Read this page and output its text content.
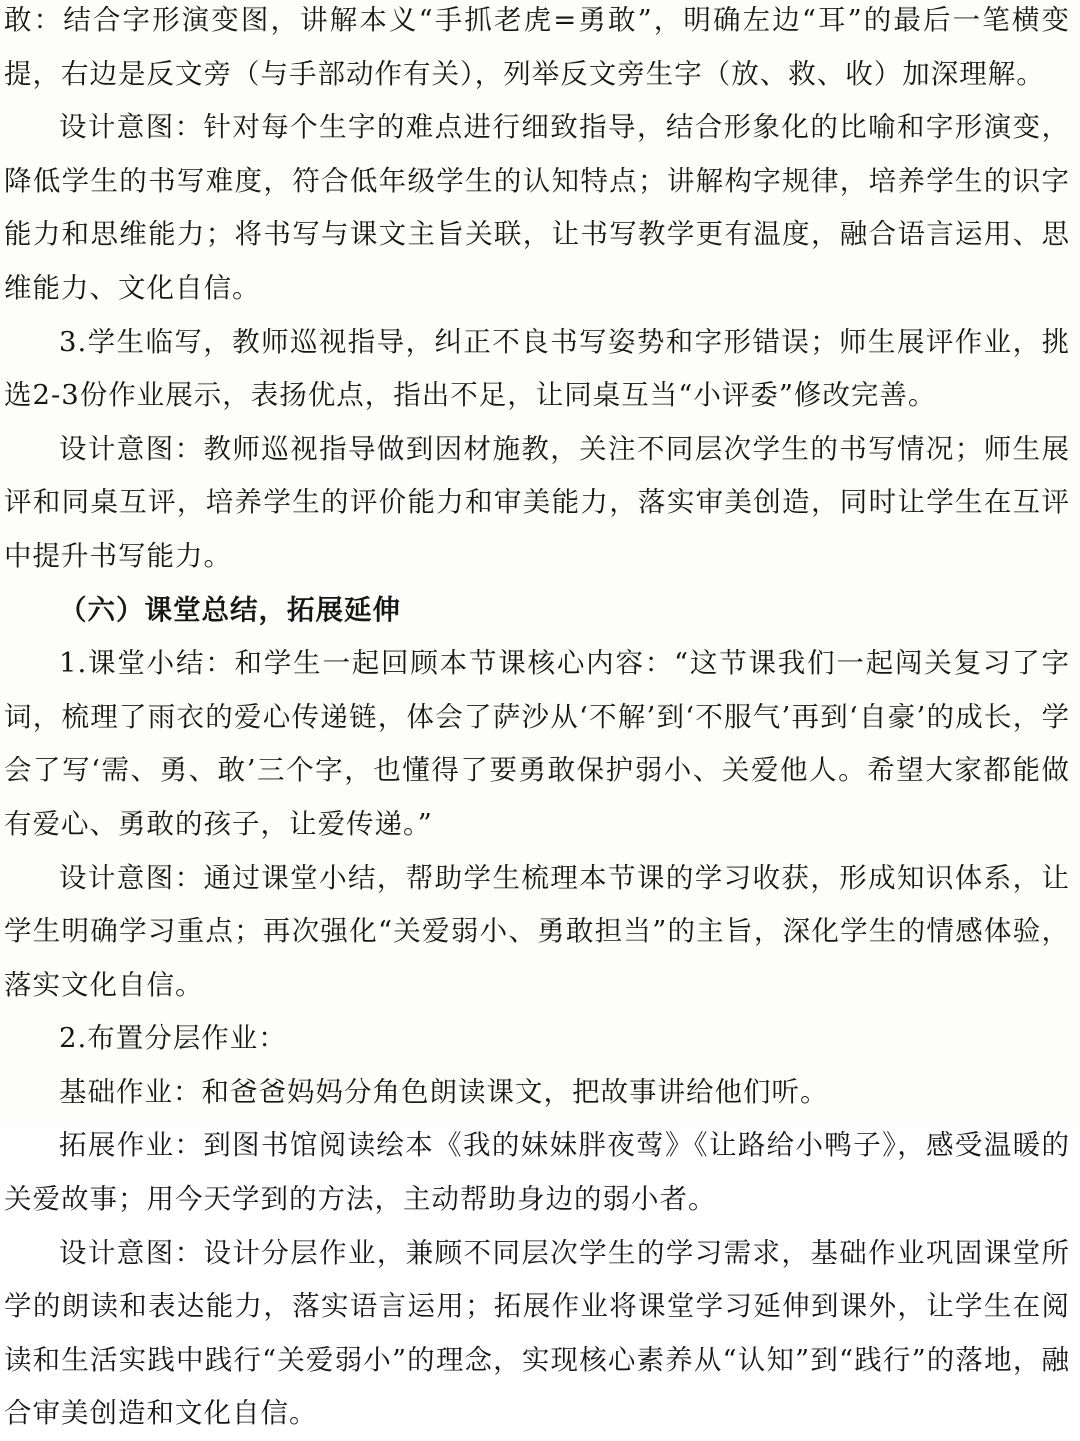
敢：结合字形演变图，讲解本义“手抓老虎=勇敢”，明确左边“耳”的最后一笔横变提，右边是反文旁（与手部动作有关），列举反文旁生字（放、救、收）加深理解。

设计意图：针对每个生字的难点进行细致指导，结合形象化的比喻和字形演变，降低学生的书写难度，符合低年级学生的认知特点；讲解构字规律，培养学生的识字能力和思维能力；将书写与课文主旨关联，让书写教学更有温度，融合语言运用、思维能力、文化自信。

3.学生临写，教师巡视指导，纠正不良书写姿势和字形错误；师生展评作业，挑选2-3份作业展示，表扬优点，指出不足，让同桌互当“小评委”修改完善。

设计意图：教师巡视指导做到因材施教，关注不同层次学生的书写情况；师生展评和同桌互评，培养学生的评价能力和审美能力，落实审美创造，同时让学生在互评中提升书写能力。

（六）课堂总结，拓展延伸

1.课堂小结：和学生一起回顾本节课核心内容：“这节课我们一起闯关复习了字词，梳理了雨衣的爱心传递链，体会了萨沙从‘不解’到‘不服气’再到‘自豪’的成长，学会了写‘需、勇、敢’三个字，也懂得了要勇敢保护弱小、关爱他人。希望大家都能做有爱心、勇敢的孩子，让爱传递。”

设计意图：通过课堂小结，帮助学生梳理本节课的学习收获，形成知识体系，让学生明确学习重点；再次强化“关爱弱小、勇敢担当”的主旨，深化学生的情感体验，落实文化自信。

2.布置分层作业：

基础作业：和爸爸妈妈分角色朗读课文，把故事讲给他们听。

拓展作业：到图书馆阅读绘本《我的妹妹胖夜莺》《让路给小鸭子》，感受温暖的关爱故事；用今天学到的方法，主动帮助身边的弱小者。

设计意图：设计分层作业，兼顾不同层次学生的学习需求，基础作业巩固课堂所学的朗读和表达能力，落实语言运用；拓展作业将课堂学习延伸到课外，让学生在阅读和生活实践中践行“关爱弱小”的理念，实现核心素养从“认知”到“践行”的落地，融合审美创造和文化自信。
